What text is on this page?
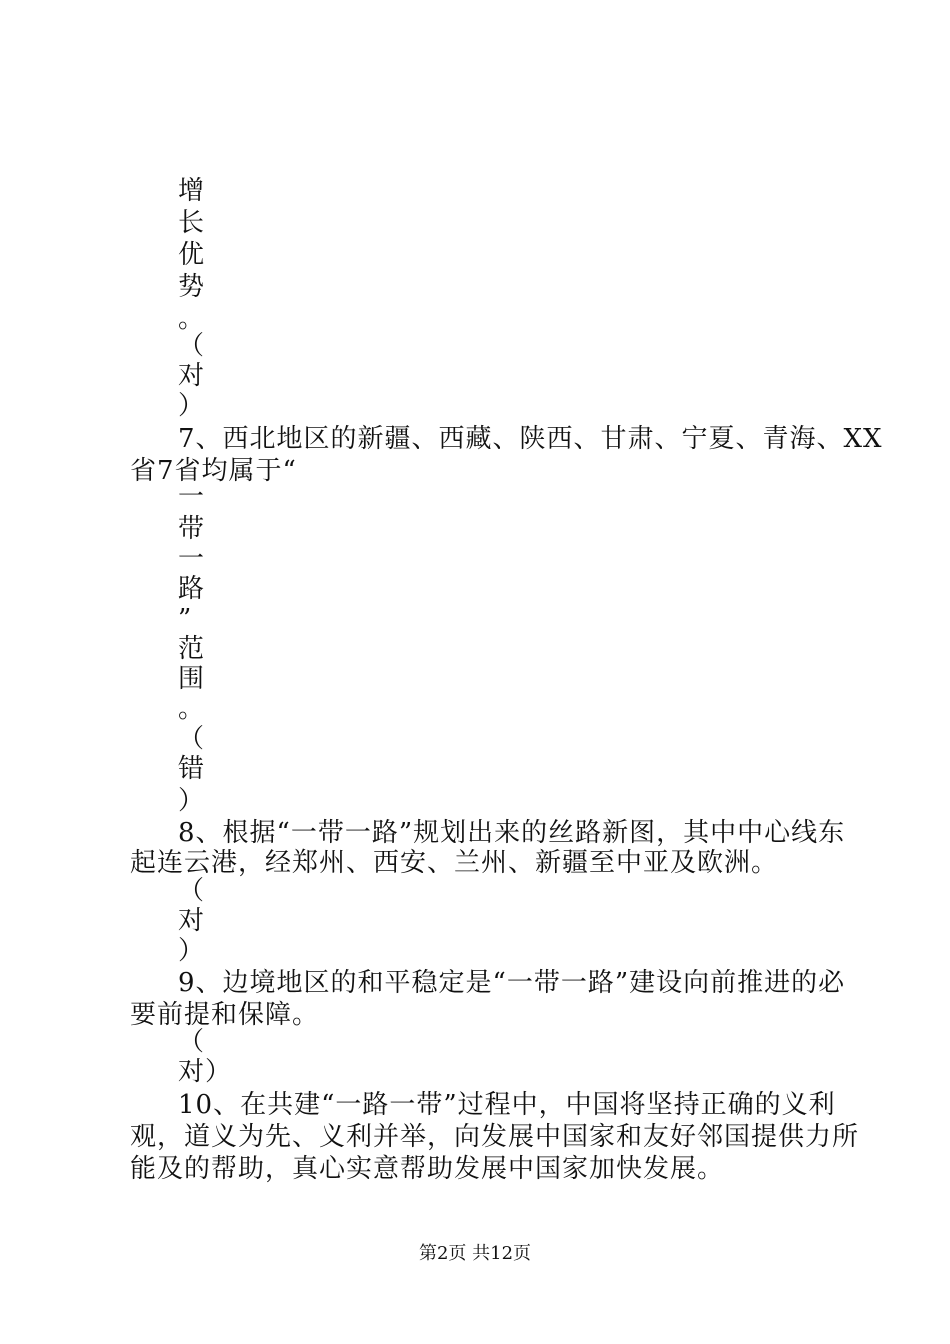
增
长
优
势
。
（
对
）
7、西北地区的新疆、西藏、陕西、甘肃、宁夏、青海、XX
省7省均属于“
一
带
一
路
”
范
围
。
（
错
）
8、根据“一带一路”规划出来的丝路新图，其中中心线东
起连云港，经郑州、西安、兰州、新疆至中亚及欧洲。
（
对
）
9、边境地区的和平稳定是“一带一路”建设向前推进的必
要前提和保障。
（
对）
10、在共建“一路一带”过程中，中国将坚持正确的义利
观，道义为先、义利并举，向发展中国家和友好邻国提供力所
能及的帮助，真心实意帮助发展中国家加快发展。
第2页 共12页
